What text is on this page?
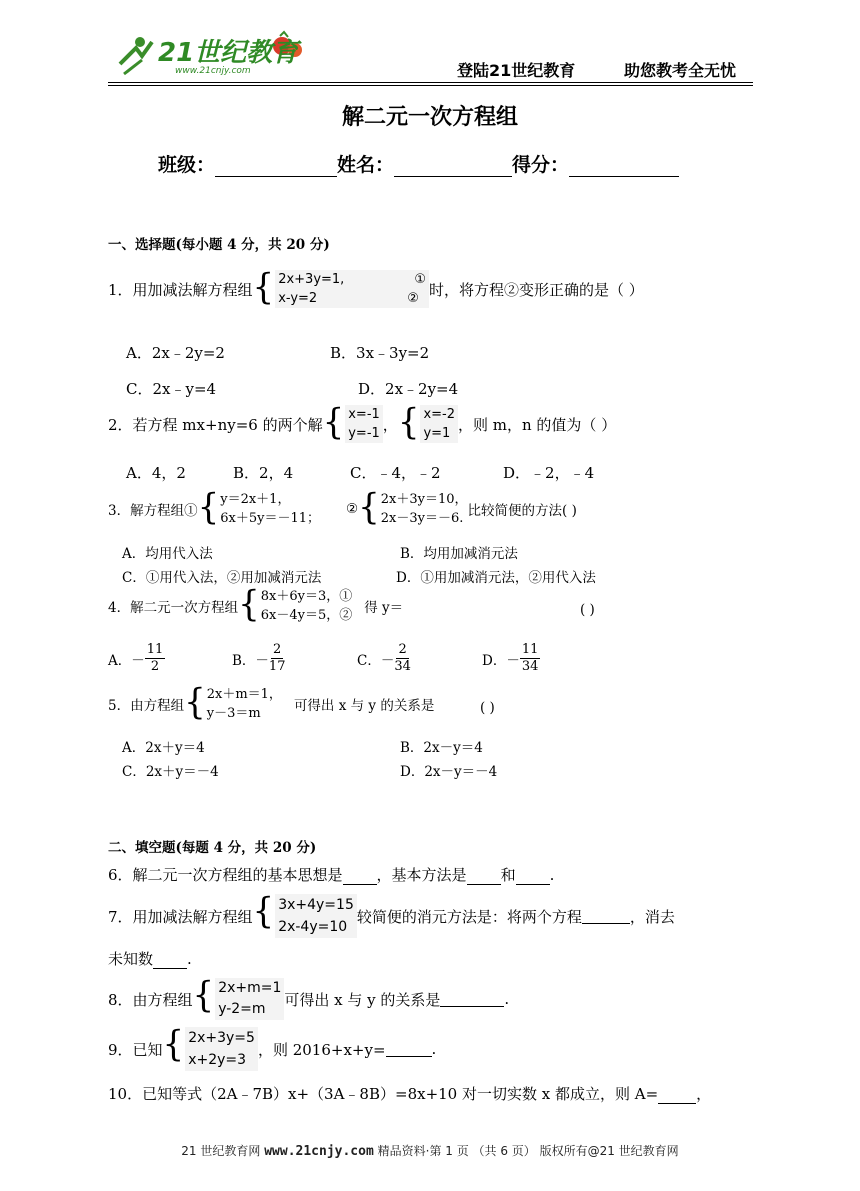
21世纪教育
www.21cnjy.com	登陆21世纪教育	助您教考全无忧
解二元一次方程组
班级：	姓名：	得分：
一、选择题(每小题 4 分，共 20 分)
1．用加减法解方程组 { 2x+3y=1,	①
x-y=2	② 时，将方程②变形正确的是（ ）
A．2x﹣2y=2	B．3x﹣3y=2
C．2x﹣y=4	D．2x﹣2y=4
2．若方程 mx+ny=6 的两个解 { x=-1
y=-1 ， { x=-2
y=1 ，则 m，n 的值为（ ）
A．4，2	B．2，4	C．﹣4，﹣2	D．﹣2，﹣4
3．解方程组① { y＝2x＋1，
6x＋5y＝－11；
② { 2x＋3y＝10，
2x－3y＝－6. 比较简便的方法( )
A．均用代入法	B．均用加减消元法
C．①用代入法，②用加减消元法	D．①用加减消元法，②用代入法
4．解二元一次方程组 { 8x＋6y＝3，①
6x－4y＝5，② 得 y＝	( )
A．－ $\frac{11}{2}$	B．－ $\frac{2}{17}$	C．－ $\frac{2}{34}$	D．－ $\frac{11}{34}$
5．由方程组 { 2x＋m＝1，
y－3＝m	可得出 x 与 y 的关系是	( )
A．2x＋y＝4	B．2x－y＝4
C．2x＋y＝－4	D．2x－y＝－4
二、填空题(每题 4 分，共 20 分)
6．解二元一次方程组的基本思想是 ，基本方法是 和 .
7．用加减法解方程组 { 3x+4y=15
2x-4y=10
较简便的消元方法是：将两个方程	，消去
未知数 .
8．由方程组 { 2x+m=1
y-2=m
可得出 x 与 y 的关系是	.
9．已知 { 2x+3y=5
x+2y=3
，则 2016+x+y=	.
10．已知等式（2A﹣7B）x+（3A﹣8B）=8x+10 对一切实数 x 都成立，则 A=	，
21 世纪教育网 www.21cnjy.com 精品资料·第 1 页 （共 6 页） 版权所有@21 世纪教育网
